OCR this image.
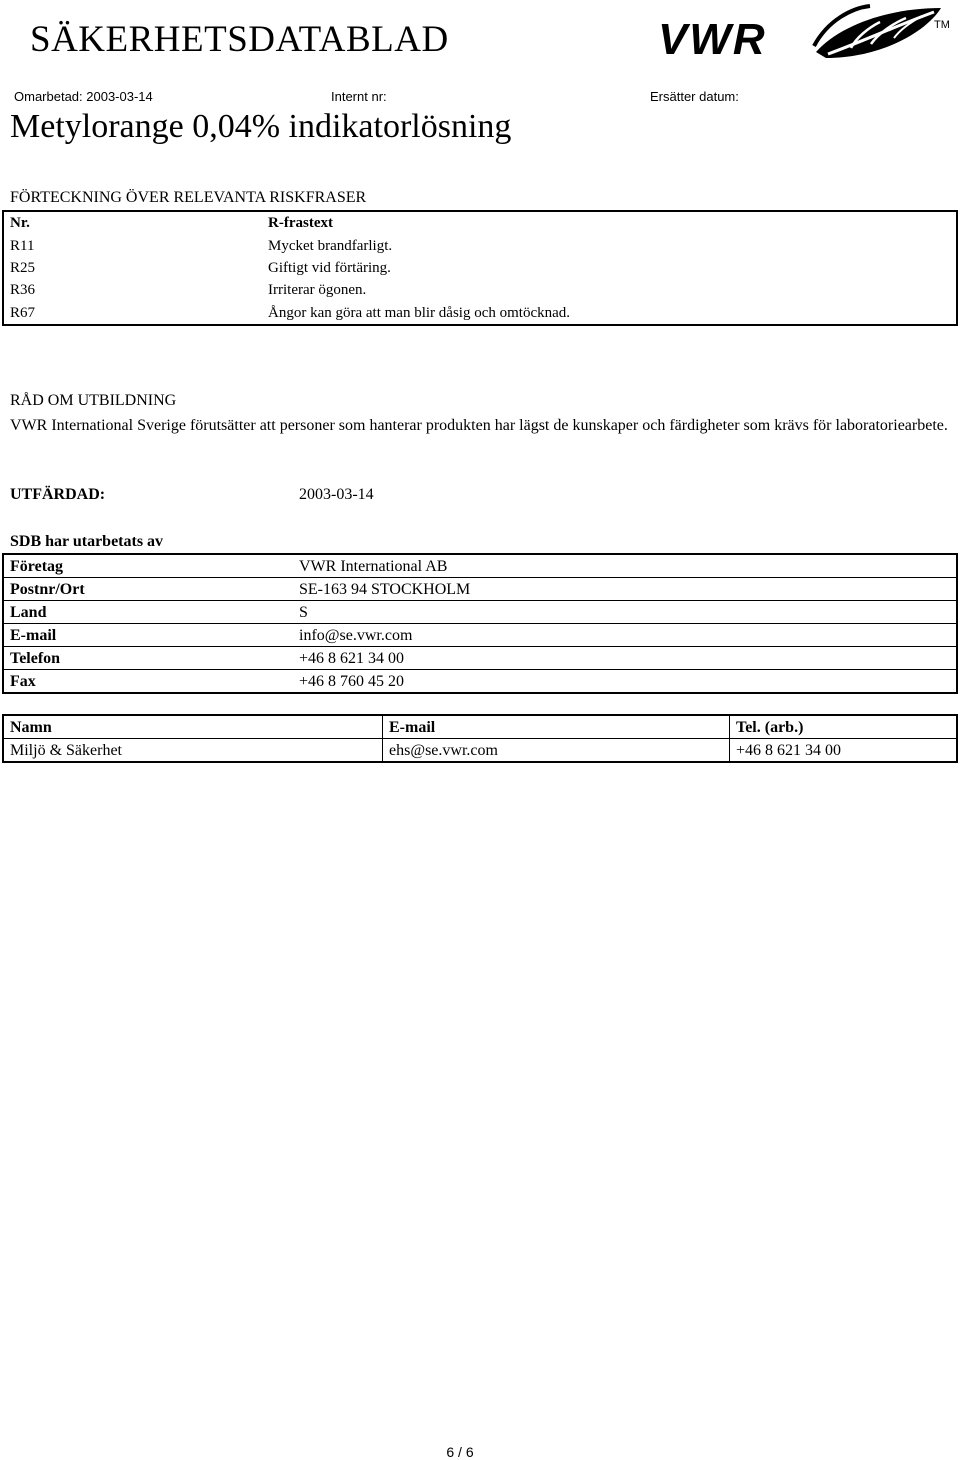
SÄKERHETSDATABLAD	VWR	TM
Omarbetad: 2003-03-14	Internt nr:	Ersätter datum:
Metylorange 0,04% indikatorlösning
FÖRTECKNING ÖVER RELEVANTA RISKFRASER
Nr.	R-frastext
R11	Mycket brandfarligt.
R25	Giftigt vid förtäring.
R36	Irriterar ögonen.
R67	Ångor kan göra att man blir dåsig och omtöcknad.
RÅD OM UTBILDNING
VWR International Sverige förutsätter att personer som hanterar produkten har lägst de kunskaper och färdigheter som krävs för laboratoriearbete.
UTFÄRDAD:	2003-03-14
SDB har utarbetats av
Företag	VWR International AB
Postnr/Ort	SE-163 94 STOCKHOLM
Land	S
E-mail	info@se.vwr.com
Telefon	+46 8 621 34 00
Fax	+46 8 760 45 20
Namn	E-mail	Tel. (arb.)
Miljö & Säkerhet	ehs@se.vwr.com	+46 8 621 34 00
6 / 6
